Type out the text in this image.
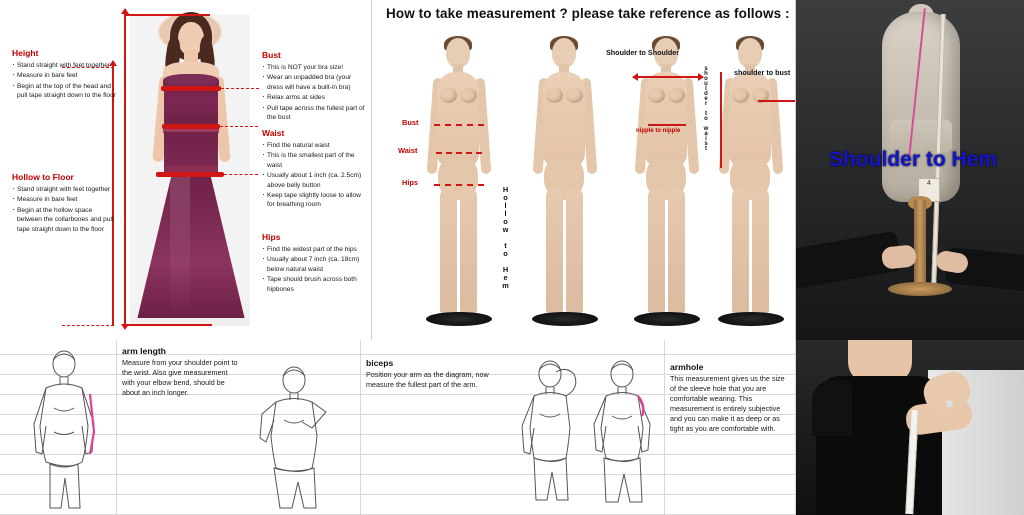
Height
· Stand straight with feet together
· Measure in bare feet
· Begin at the top of the head and pull tape straight down to the floor
Hollow to Floor
· Stand straight with feet together
· Measure in bare feet
· Begin at the hollow space between the collarbones and pull tape straight down to the floor
Bust
· This is NOT your bra size!
· Wear an unpadded bra (your dress will have a built-in bra)
· Relax arms at sides
· Pull tape across the fullest part of the bust
Waist
· Find the natural waist
· This is the smallest part of the waist
· Usually about 1 inch (ca. 2.5cm) above belly button
· Keep tape slightly loose to allow for breathing room
Hips
· Find the widest part of the hips
· Usually about 7 inch (ca. 18cm) below natural waist
· Tape should brush across both hipbones
How to take measurement ? please take reference as follows :
Bust
Waist
Hips
Hollow to Hem
Shoulder to Shoulder
nipple to nipple	shoulder to waist	shoulder to bust
4
Shoulder to Hem
arm length

Measure from your shoulder point to the wrist. Also give measurement with your elbow bend, should be about an inch longer.

biceps

Position your arm as the diagram, now measure the fullest part of the arm.

armhole

This measurement gives us the size of the sleeve hole that you are comfortable wearing. This measurement is entirely subjective and you can make it as deep or as tight as you are comfortable with.
